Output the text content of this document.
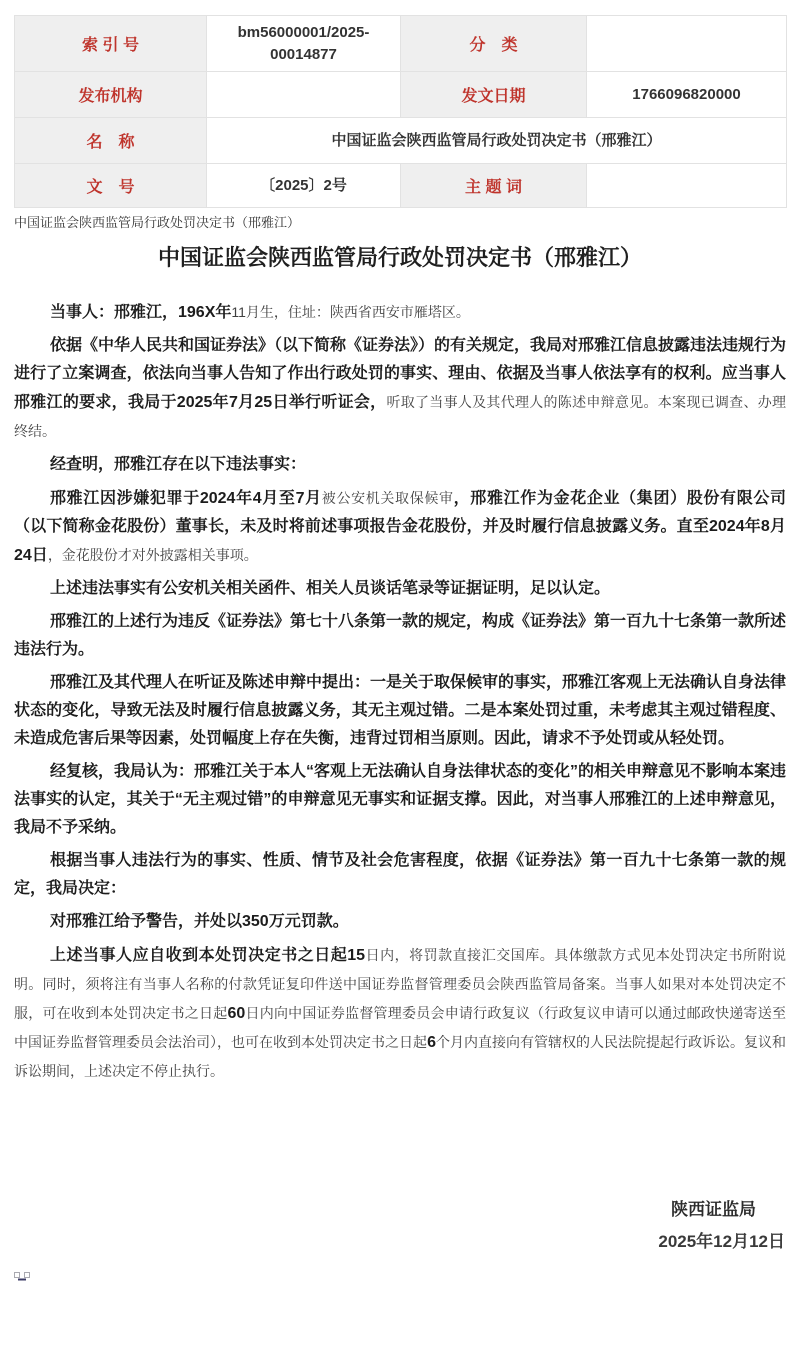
索 引 号	bm56000001/2025-00014877	分　类	
发布机构		发文日期	1766096820000
名　称	中国证监会陕西监管局行政处罚决定书（邢雅江）		
文　号	〔2025〕2号	主 题 词	
中国证监会陕西监管局行政处罚决定书（邢雅江）
中国证监会陕西监管局行政处罚决定书（邢雅江）

当事人：邢雅江，196X年11月生，住址：陕西省西安市雁塔区。

依据《中华人民共和国证券法》（以下简称《证券法》）的有关规定，我局对邢雅江信息披露违法违规行为进行了立案调查，依法向当事人告知了作出行政处罚的事实、理由、依据及当事人依法享有的权利。应当事人邢雅江的要求，我局于2025年7月25日举行听证会，听取了当事人及其代理人的陈述申辩意见。本案现已调查、办理终结。

经查明，邢雅江存在以下违法事实：

邢雅江因涉嫌犯罪于2024年4月至7月被公安机关取保候审，邢雅江作为金花企业（集团）股份有限公司（以下简称金花股份）董事长，未及时将前述事项报告金花股份，并及时履行信息披露义务。直至2024年8月24日，金花股份才对外披露相关事项。

上述违法事实有公安机关相关函件、相关人员谈话笔录等证据证明，足以认定。

邢雅江的上述行为违反《证券法》第七十八条第一款的规定，构成《证券法》第一百九十七条第一款所述违法行为。

邢雅江及其代理人在听证及陈述申辩中提出：一是关于取保候审的事实，邢雅江客观上无法确认自身法律状态的变化，导致无法及时履行信息披露义务，其无主观过错。二是本案处罚过重，未考虑其主观过错程度、未造成危害后果等因素，处罚幅度上存在失衡，违背过罚相当原则。因此，请求不予处罚或从轻处罚。

经复核，我局认为：邢雅江关于本人“客观上无法确认自身法律状态的变化”的相关申辩意见不影响本案违法事实的认定，其关于“无主观过错”的申辩意见无事实和证据支撑。因此，对当事人邢雅江的上述申辩意见，我局不予采纳。

根据当事人违法行为的事实、性质、情节及社会危害程度，依据《证券法》第一百九十七条第一款的规定，我局决定：

对邢雅江给予警告，并处以350万元罚款。

上述当事人应自收到本处罚决定书之日起15日内，将罚款直接汇交国库。具体缴款方式见本处罚决定书所附说明。同时，须将注有当事人名称的付款凭证复印件送中国证券监督管理委员会陕西监管局备案。当事人如果对本处罚决定不服，可在收到本处罚决定书之日起60日内向中国证券监督管理委员会申请行政复议（行政复议申请可以通过邮政快递寄送至中国证券监督管理委员会法治司），也可在收到本处罚决定书之日起6个月内直接向有管辖权的人民法院提起行政诉讼。复议和诉讼期间，上述决定不停止执行。

陕西证监局
2025年12月12日
